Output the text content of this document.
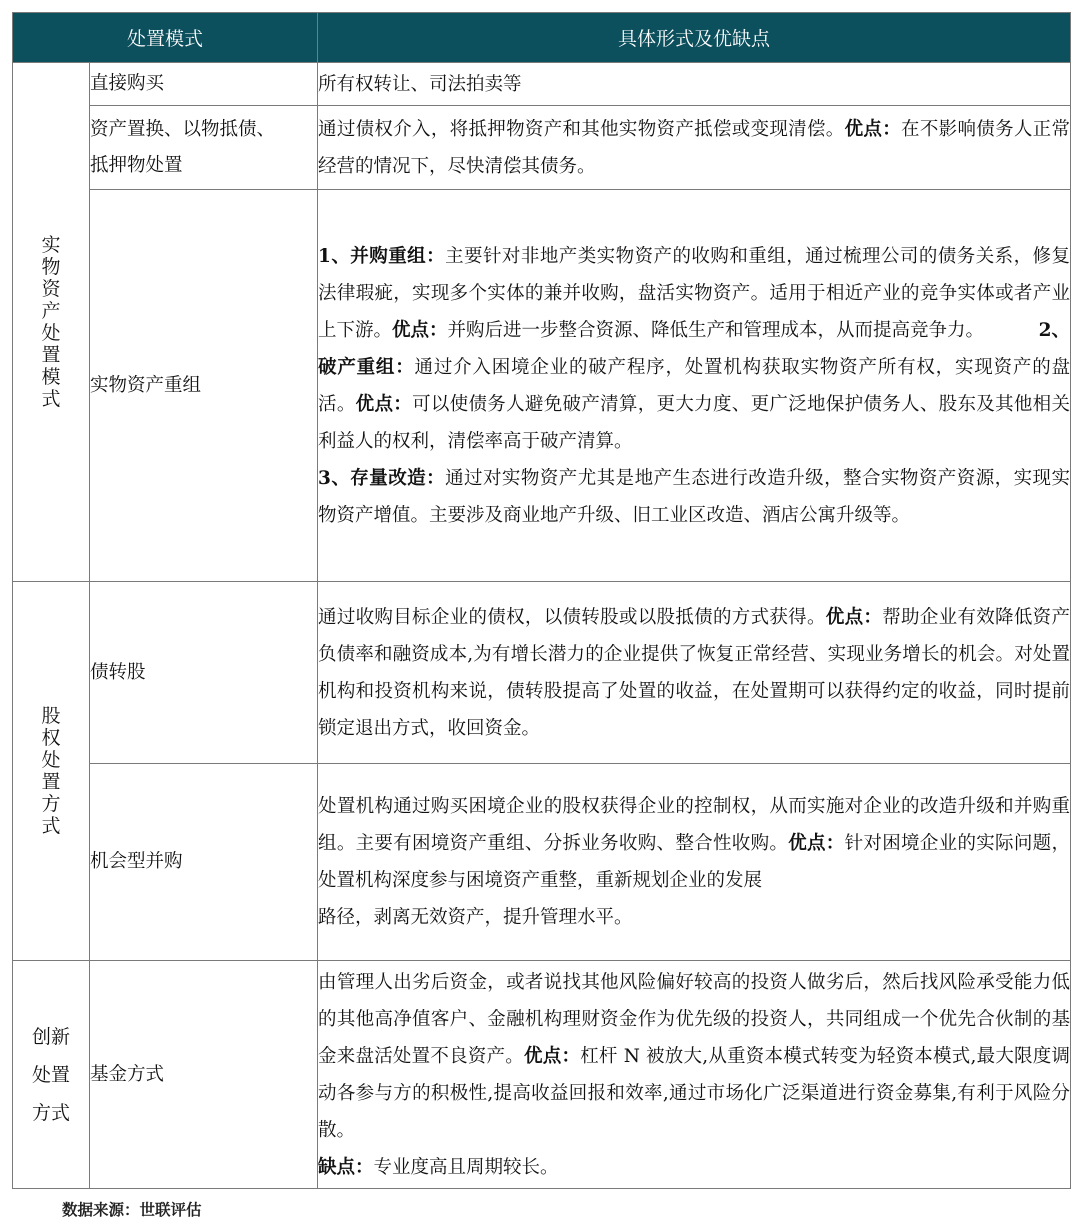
处置模式		具体形式及优缺点
实物资产处置模式	直接购买	所有权转让、司法拍卖等
	资产置换、以物抵债、抵押物处置	通过债权介入，将抵押物资产和其他实物资产抵偿或变现清偿。优点：在不影响债务人正常经营的情况下，尽快清偿其债务。
	实物资产重组	1、并购重组：主要针对非地产类实物资产的收购和重组，通过梳理公司的债务关系，修复法律瑕疵，实现多个实体的兼并收购，盘活实物资产。适用于相近产业的竞争实体或者产业上下游。优点：并购后进一步整合资源、降低生产和管理成本，从而提高竞争力。 2、

破产重组：通过介入困境企业的破产程序，处置机构获取实物资产所有权，实现资产的盘活。优点：可以使债务人避免破产清算，更大力度、更广泛地保护债务人、股东及其他相关利益人的权利，清偿率高于破产清算。
3、存量改造：通过对实物资产尤其是地产生态进行改造升级，整合实物资产资源，实现实物资产增值。主要涉及商业地产升级、旧工业区改造、酒店公寓升级等。
股权处置方式	债转股	通过收购目标企业的债权，以债转股或以股抵债的方式获得。优点：帮助企业有效降低资产负债率和融资成本,为有增长潜力的企业提供了恢复正常经营、实现业务增长的机会。对处置机构和投资机构来说，债转股提高了处置的收益，在处置期可以获得约定的收益，同时提前锁定退出方式，收回资金。
	机会型并购	处置机构通过购买困境企业的股权获得企业的控制权，从而实施对企业的改造升级和并购重组。主要有困境资产重组、分拆业务收购、整合性收购。优点：针对困境企业的实际问题，处置机构深度参与困境资产重整，重新规划企业的发展
路径，剥离无效资产，提升管理水平。
创新处置方式	基金方式	由管理人出劣后资金，或者说找其他风险偏好较高的投资人做劣后，然后找风险承受能力低的其他高净值客户、金融机构理财资金作为优先级的投资人，共同组成一个优先合伙制的基金来盘活处置不良资产。优点：杠杆 N 被放大,从重资本模式转变为轻资本模式,最大限度调动各参与方的积极性,提高收益回报和效率,通过市场化广泛渠道进行资金募集,有利于风险分散。
缺点：专业度高且周期较长。
数据来源：世联评估
